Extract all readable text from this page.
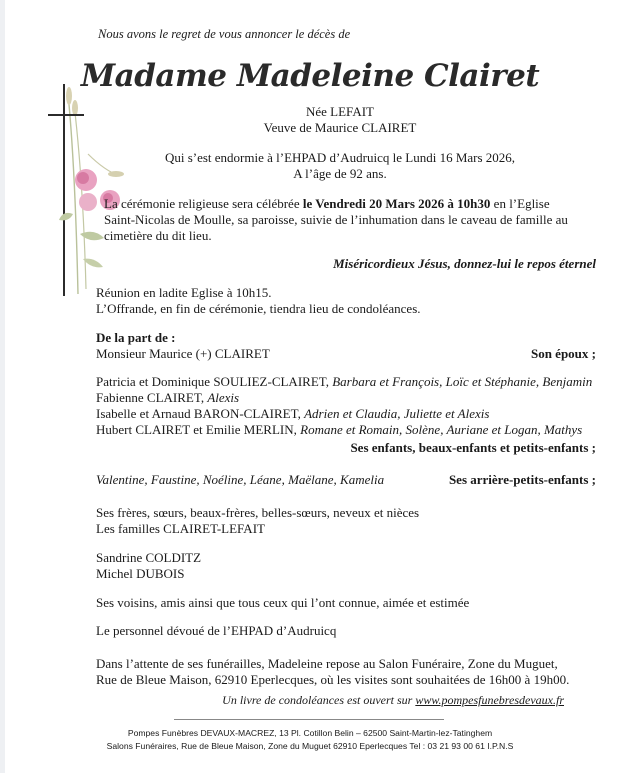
Nous avons le regret de vous annoncer le décès de
Madame Madeleine Clairet
Née LEFAIT
Veuve de Maurice CLAIRET
Qui s’est endormie à l’EHPAD d’Audruicq le Lundi 16 Mars 2026,
A l’âge de 92 ans.
La cérémonie religieuse sera célébrée le Vendredi 20 Mars 2026 à 10h30 en l’Eglise
Saint-Nicolas de Moulle, sa paroisse, suivie de l’inhumation dans le caveau de famille au
cimetière du dit lieu.
Miséricordieux Jésus, donnez-lui le repos éternel
Réunion en ladite Eglise à 10h15.
L’Offrande, en fin de cérémonie, tiendra lieu de condoléances.
De la part de :
Monsieur Maurice (+) CLAIRET	Son époux ;
Patricia et Dominique SOULIEZ-CLAIRET, Barbara et François, Loïc et Stéphanie, Benjamin
Fabienne CLAIRET, Alexis
Isabelle et Arnaud BARON-CLAIRET, Adrien et Claudia, Juliette et Alexis
Hubert CLAIRET et Emilie MERLIN, Romane et Romain, Solène, Auriane et Logan, Mathys
Ses enfants, beaux-enfants et petits-enfants ;
Valentine, Faustine, Noéline, Léane, Maëlane, Kamelia	Ses arrière-petits-enfants ;
Ses frères, sœurs, beaux-frères, belles-sœurs, neveux et nièces
Les familles CLAIRET-LEFAIT
Sandrine COLDITZ
Michel DUBOIS
Ses voisins, amis ainsi que tous ceux qui l’ont connue, aimée et estimée
Le personnel dévoué de l’EHPAD d’Audruicq
Dans l’attente de ses funérailles, Madeleine repose au Salon Funéraire, Zone du Muguet,
Rue de Bleue Maison, 62910 Eperlecques, où les visites sont souhaitées de 16h00 à 19h00.
Un livre de condoléances est ouvert sur www.pompesfunebresdevaux.fr
Pompes Funèbres DEVAUX-MACREZ, 13 Pl. Cotillon Belin – 62500 Saint-Martin-lez-Tatinghem
Salons Funéraires, Rue de Bleue Maison, Zone du Muguet 62910 Eperlecques Tel : 03 21 93 00 61 I.P.N.S
